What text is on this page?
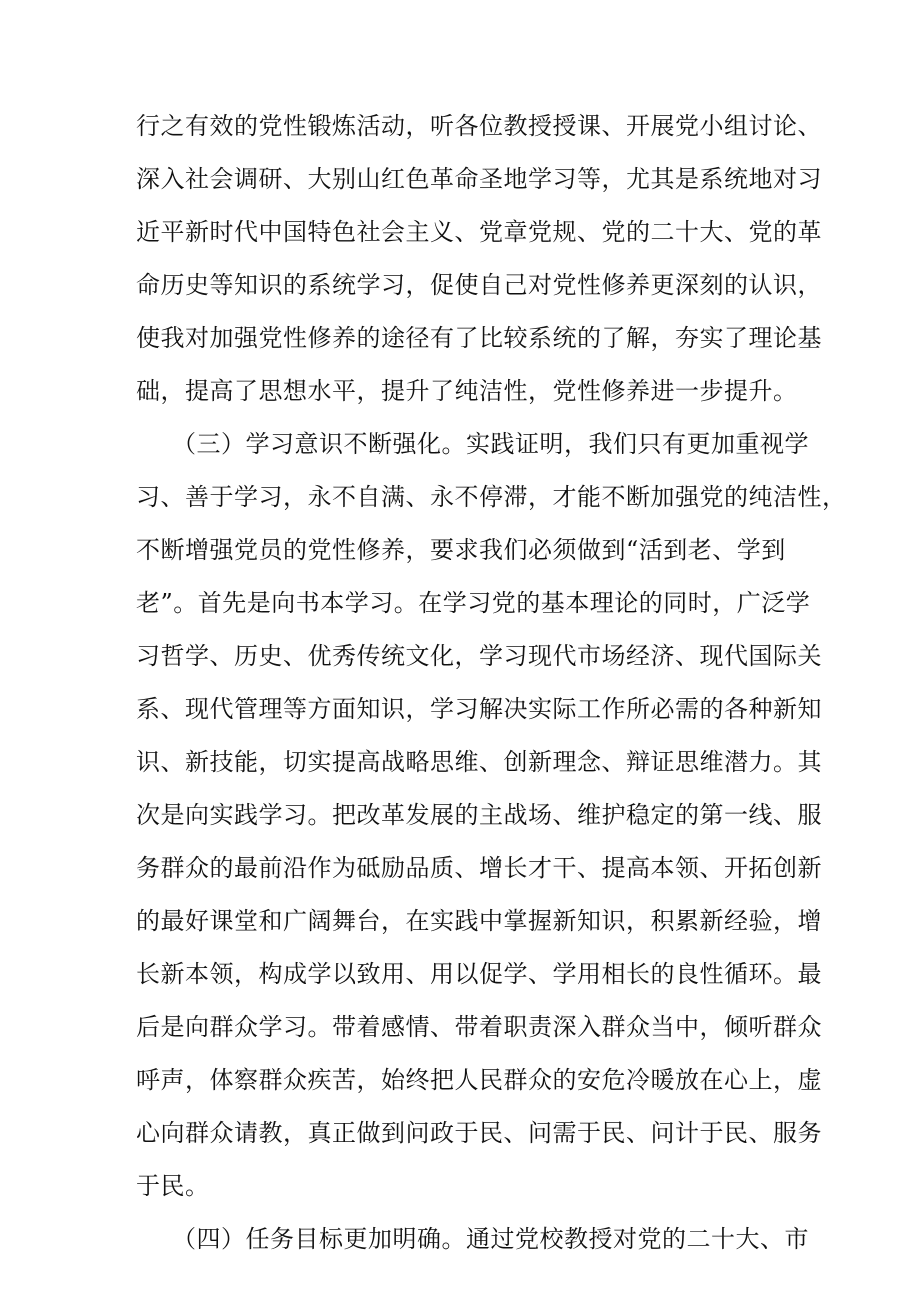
行之有效的党性锻炼活动，听各位教授授课、开展党小组讨论、
深入社会调研、大别山红色革命圣地学习等，尤其是系统地对习
近平新时代中国特色社会主义、党章党规、党的二十大、党的革
命历史等知识的系统学习，促使自己对党性修养更深刻的认识，
使我对加强党性修养的途径有了比较系统的了解，夯实了理论基
础，提高了思想水平，提升了纯洁性，党性修养进一步提升。
（三）学习意识不断强化。实践证明，我们只有更加重视学
习、善于学习，永不自满、永不停滞，才能不断加强党的纯洁性，
不断增强党员的党性修养，要求我们必须做到“活到老、学到
老”。首先是向书本学习。在学习党的基本理论的同时，广泛学
习哲学、历史、优秀传统文化，学习现代市场经济、现代国际关
系、现代管理等方面知识，学习解决实际工作所必需的各种新知
识、新技能，切实提高战略思维、创新理念、辩证思维潜力。其
次是向实践学习。把改革发展的主战场、维护稳定的第一线、服
务群众的最前沿作为砥励品质、增长才干、提高本领、开拓创新
的最好课堂和广阔舞台，在实践中掌握新知识，积累新经验，增
长新本领，构成学以致用、用以促学、学用相长的良性循环。最
后是向群众学习。带着感情、带着职责深入群众当中，倾听群众
呼声，体察群众疾苦，始终把人民群众的安危冷暖放在心上，虚
心向群众请教，真正做到问政于民、问需于民、问计于民、服务
于民。
（四）任务目标更加明确。通过党校教授对党的二十大、市
